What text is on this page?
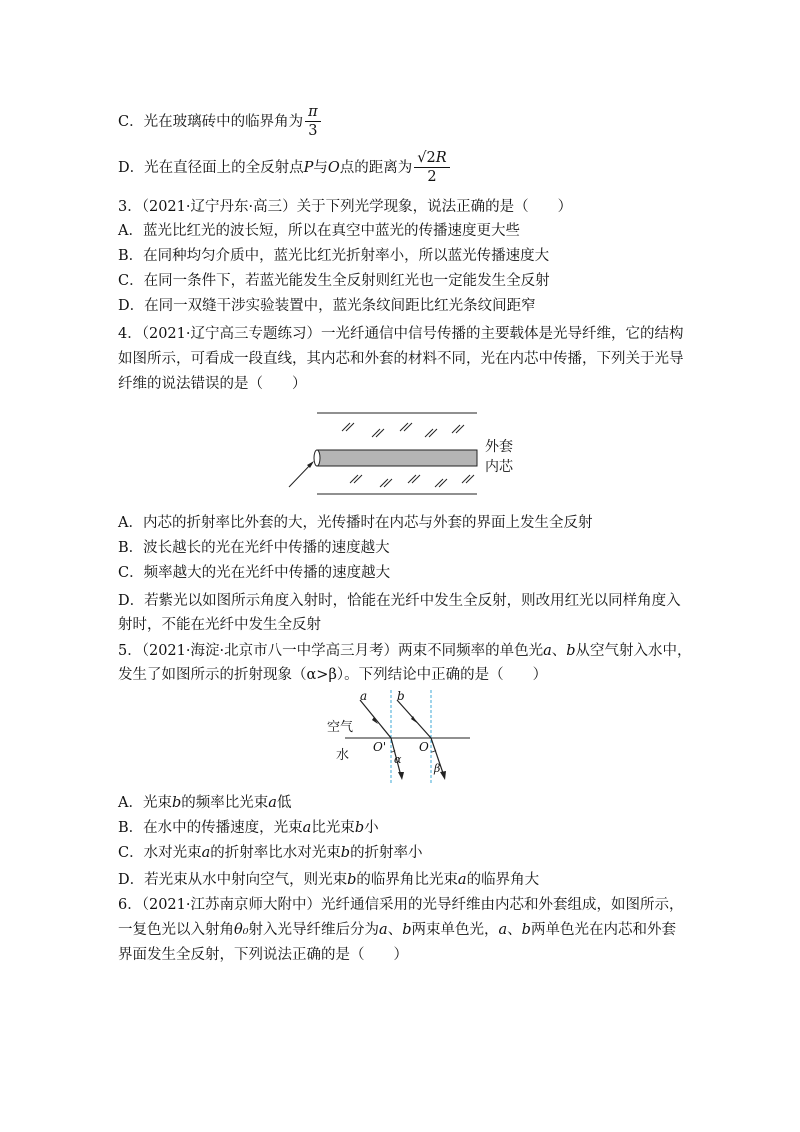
C．光在玻璃砖中的临界角为 $\frac{\pi}{3}$
D．光在直径面上的全反射点P与O点的距离为 $\frac{√2R}{2}$
3．（2021·辽宁丹东·高三）关于下列光学现象，说法正确的是（　　）
A．蓝光比红光的波长短，所以在真空中蓝光的传播速度更大些
B．在同种均匀介质中，蓝光比红光折射率小，所以蓝光传播速度大
C．在同一条件下，若蓝光能发生全反射则红光也一定能发生全反射
D．在同一双缝干涉实验装置中，蓝光条纹间距比红光条纹间距窄
4．（2021·辽宁高三专题练习）一光纤通信中信号传播的主要载体是光导纤维，它的结构
如图所示，可看成一段直线，其内芯和外套的材料不同，光在内芯中传播，下列关于光导
纤维的说法错误的是（　　）
外套
内芯
A．内芯的折射率比外套的大，光传播时在内芯与外套的界面上发生全反射
B．波长越长的光在光纤中传播的速度越大
C．频率越大的光在光纤中传播的速度越大
D．若紫光以如图所示角度入射时，恰能在光纤中发生全反射，则改用红光以同样角度入
射时，不能在光纤中发生全反射
5．（2021·海淀·北京市八一中学高三月考）两束不同频率的单色光a、b从空气射入水中，
发生了如图所示的折射现象（α>β）。下列结论中正确的是（　　）
a b
空气
水
O'	O
α
β
A．光束b的频率比光束a低
B．在水中的传播速度，光束a比光束b小
C．水对光束a的折射率比水对光束b的折射率小
D．若光束从水中射向空气，则光束b的临界角比光束a的临界角大
6．（2021·江苏南京师大附中）光纤通信采用的光导纤维由内芯和外套组成，如图所示，
一复色光以入射角θ₀射入光导纤维后分为a、b两束单色光，a、b两单色光在内芯和外套
界面发生全反射，下列说法正确的是（　　）
